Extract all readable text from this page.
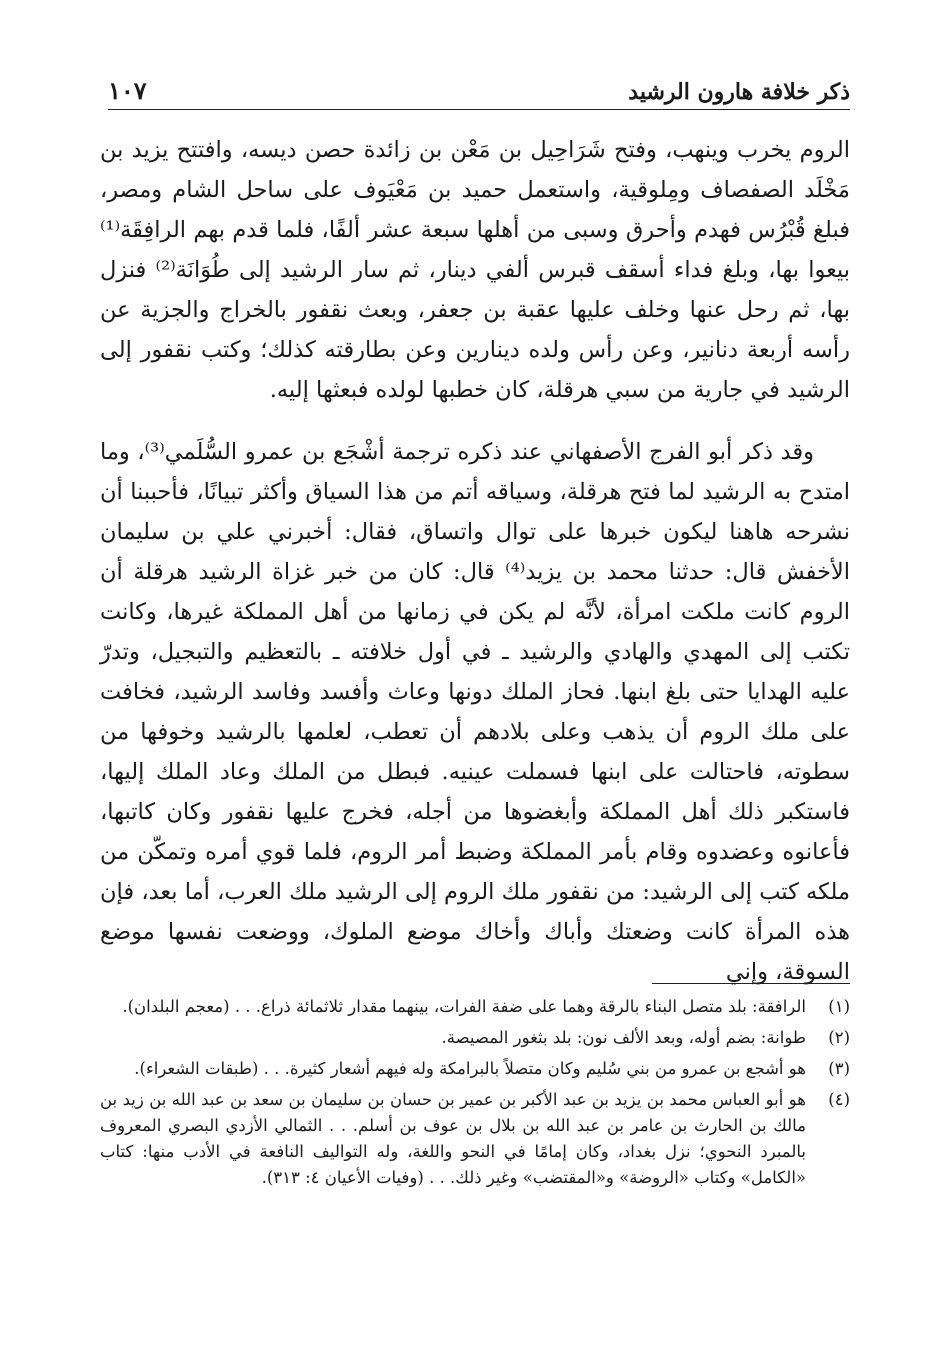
ذكر خلافة هارون الرشيد
١٠٧

الروم يخرب وينهب، وفتح شَرَاحِيل بن مَعْن بن زائدة حصن ديسه، وافتتح يزيد بن مَخْلَد الصفصاف ومِلوقية، واستعمل حميد بن مَعْيَوف على ساحل الشام ومصر، فبلغ قُبْرُس فهدم وأحرق وسبى من أهلها سبعة عشر ألفًا، فلما قدم بهم الرافِقَة⁽¹⁾ بيعوا بها، وبلغ فداء أسقف قبرس ألفي دينار، ثم سار الرشيد إلى طُوَانَة⁽²⁾ فنزل بها، ثم رحل عنها وخلف عليها عقبة بن جعفر، وبعث نقفور بالخراج والجزية عن رأسه أربعة دنانير، وعن رأس ولده دينارين وعن بطارقته كذلك؛ وكتب نقفور إلى الرشيد في جارية من سبي هرقلة، كان خطبها لولده فبعثها إليه.

وقد ذكر أبو الفرج الأصفهاني عند ذكره ترجمة أشْجَع بن عمرو السُّلَمي⁽³⁾، وما امتدح به الرشيد لما فتح هرقلة، وسياقه أتم من هذا السياق وأكثر تبيانًا، فأحببنا أن نشرحه هاهنا ليكون خبرها على توال واتساق، فقال: أخبرني علي بن سليمان الأخفش قال: حدثنا محمد بن يزيد⁽⁴⁾ قال: كان من خبر غزاة الرشيد هرقلة أن الروم كانت ملكت امرأة، لأنَّه لم يكن في زمانها من أهل المملكة غيرها، وكانت تكتب إلى المهدي والهادي والرشيد ـ في أول خلافته ـ بالتعظيم والتبجيل، وتدرّ عليه الهدايا حتى بلغ ابنها. فحاز الملك دونها وعاث وأفسد وفاسد الرشيد، فخافت على ملك الروم أن يذهب وعلى بلادهم أن تعطب، لعلمها بالرشيد وخوفها من سطوته، فاحتالت على ابنها فسملت عينيه. فبطل من الملك وعاد الملك إليها، فاستكبر ذلك أهل المملكة وأبغضوها من أجله، فخرج عليها نقفور وكان كاتبها، فأعانوه وعضدوه وقام بأمر المملكة وضبط أمر الروم، فلما قوي أمره وتمكّن من ملكه كتب إلى الرشيد: من نقفور ملك الروم إلى الرشيد ملك العرب، أما بعد، فإن هذه المرأة كانت وضعتك وأباك وأخاك موضع الملوك، ووضعت نفسها موضع السوقة، وإني

(١)
الرافقة: بلد متصل البناء بالرقة وهما على ضفة الفرات، بينهما مقدار ثلاثمائة ذراع. . . (معجم البلدان).
(٢)
طوانة: بضم أوله، وبعد الألف نون: بلد بثغور المصيصة.
(٣)
هو أشجع بن عمرو من بني سُليم وكان متصلاً بالبرامكة وله فيهم أشعار كثيرة. . . (طبقات الشعراء).
(٤)
هو أبو العباس محمد بن يزيد بن عبد الأكبر بن عمير بن حسان بن سليمان بن سعد بن عبد الله بن زيد بن مالك بن الحارث بن عامر بن عبد الله بن بلال بن عوف بن أسلم. . . الثمالي الأزدي البصري المعروف بالمبرد النحوي؛ نزل بغداد، وكان إمامًا في النحو واللغة، وله التواليف النافعة في الأدب منها: كتاب «الكامل» وكتاب «الروضة» و«المقتضب» وغير ذلك. . . (وفيات الأعيان ٤: ٣١٣).
